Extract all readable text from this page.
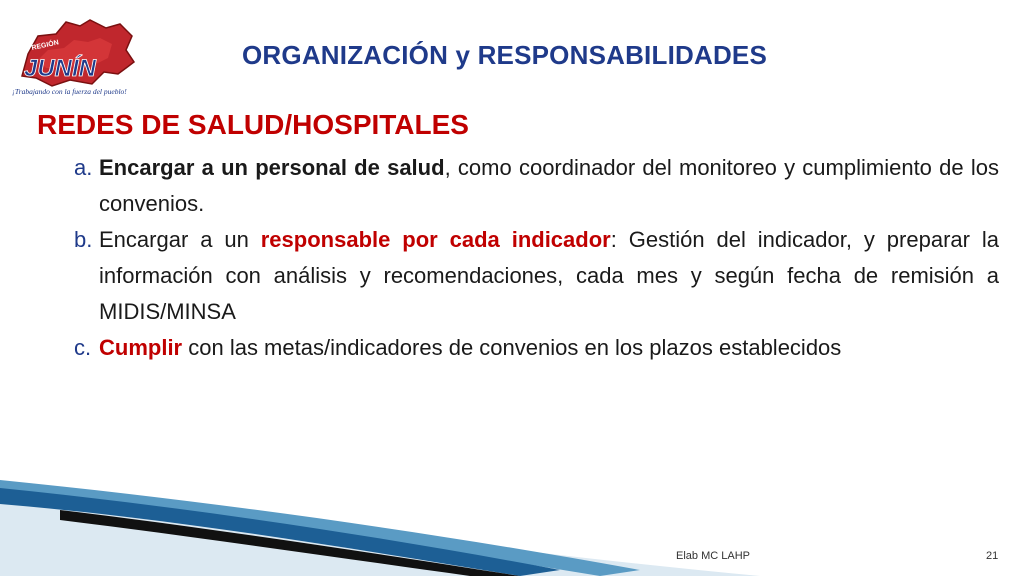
REGIÓN
JUNÍN
¡Trabajando con la fuerza del pueblo!
ORGANIZACIÓN y RESPONSABILIDADES
REDES DE SALUD/HOSPITALES
a. Encargar a un personal de salud, como coordinador del monitoreo y cumplimiento de los convenios.
b. Encargar a un responsable por cada indicador: Gestión del indicador, y preparar la información con análisis y recomendaciones, cada mes y según fecha de remisión a MIDIS/MINSA
c. Cumplir con las metas/indicadores de convenios en los plazos establecidos
Elab MC LAHP	21
